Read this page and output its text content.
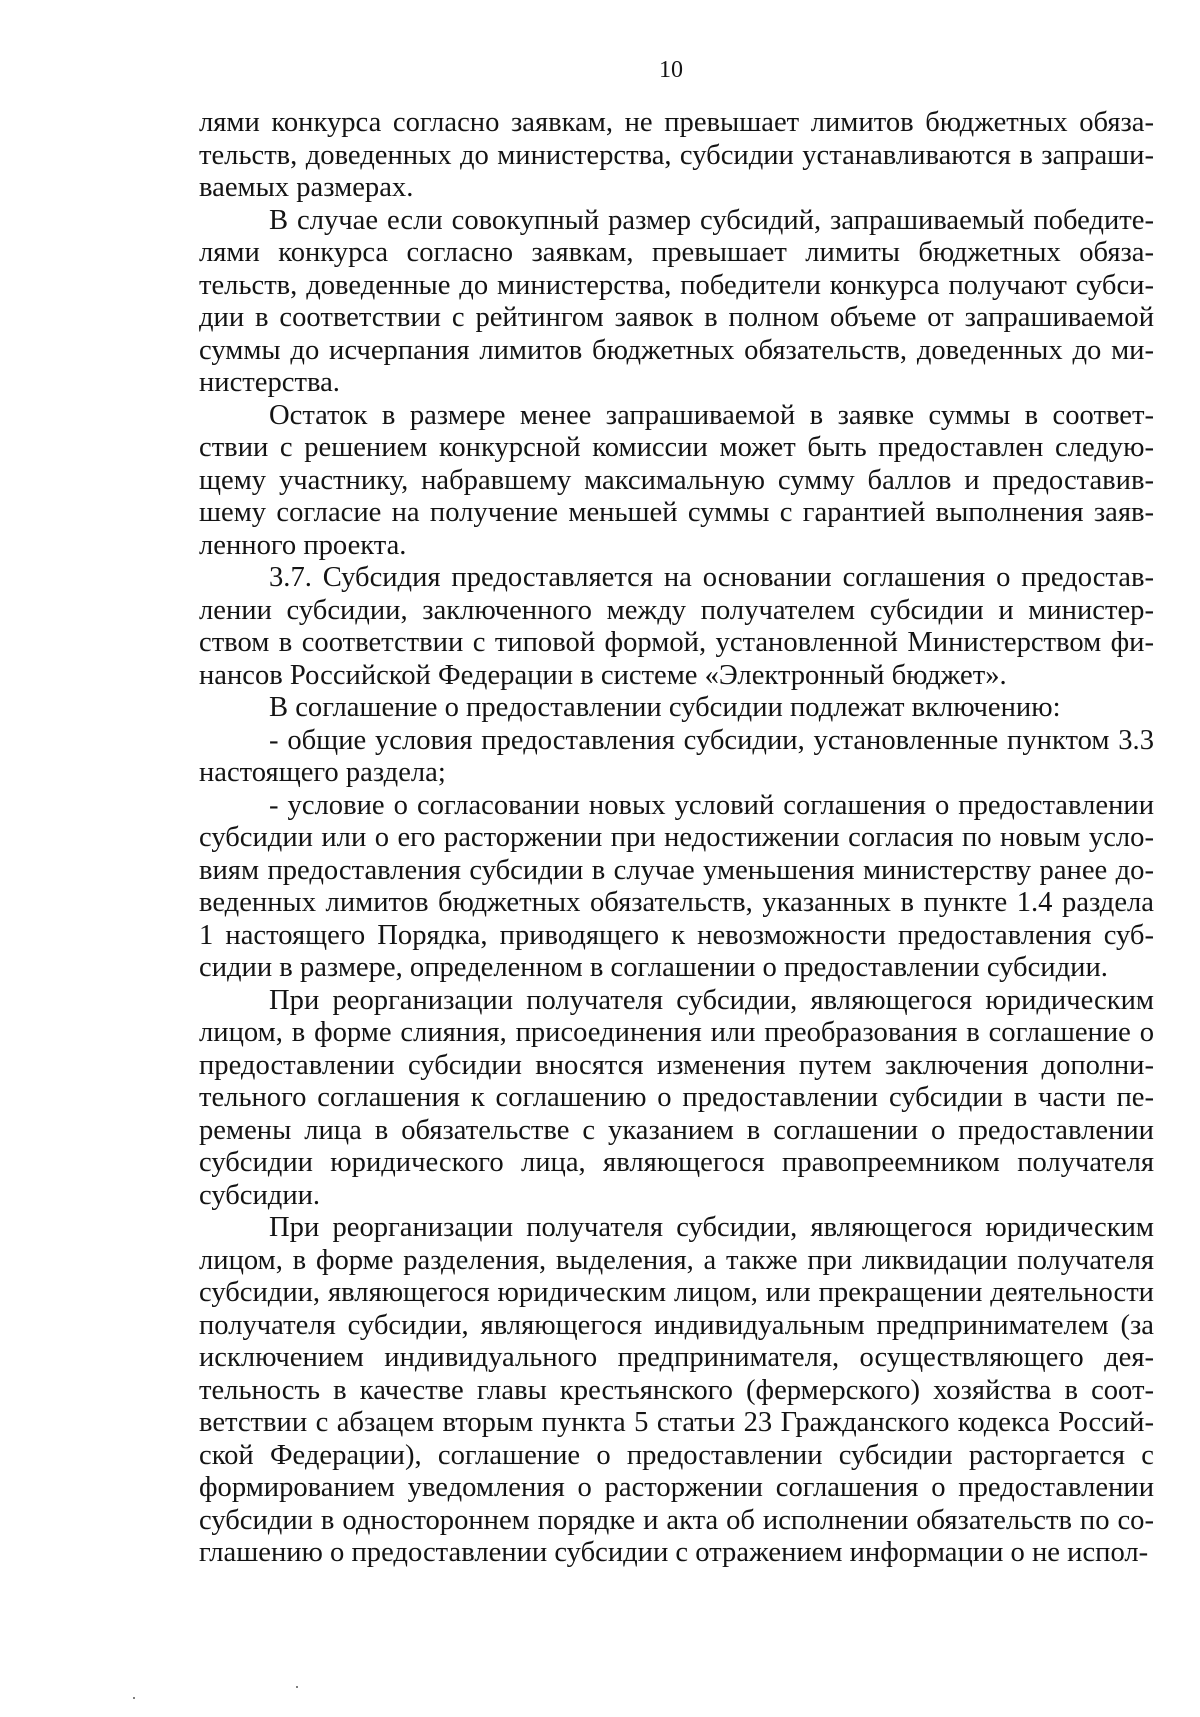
10

лями конкурса согласно заявкам, не превышает лимитов бюджетных обяза-
тельств, доведенных до министерства, субсидии устанавливаются в запраши-
ваемых размерах.

В случае если совокупный размер субсидий, запрашиваемый победите-
лями конкурса согласно заявкам, превышает лимиты бюджетных обяза-
тельств, доведенные до министерства, победители конкурса получают субси-
дии в соответствии с рейтингом заявок в полном объеме от запрашиваемой
суммы до исчерпания лимитов бюджетных обязательств, доведенных до ми-
нистерства.

Остаток в размере менее запрашиваемой в заявке суммы в соответ-
ствии с решением конкурсной комиссии может быть предоставлен следую-
щему участнику, набравшему максимальную сумму баллов и предоставив-
шему согласие на получение меньшей суммы с гарантией выполнения заяв-
ленного проекта.

3.7. Субсидия предоставляется на основании соглашения о предостав-
лении субсидии, заключенного между получателем субсидии и министер-
ством в соответствии с типовой формой, установленной Министерством фи-
нансов Российской Федерации в системе «Электронный бюджет».

В соглашение о предоставлении субсидии подлежат включению:

- общие условия предоставления субсидии, установленные пунктом 3.3
настоящего раздела;

- условие о согласовании новых условий соглашения о предоставлении
субсидии или о его расторжении при недостижении согласия по новым усло-
виям предоставления субсидии в случае уменьшения министерству ранее до-
веденных лимитов бюджетных обязательств, указанных в пункте 1.4 раздела
1 настоящего Порядка, приводящего к невозможности предоставления суб-
сидии в размере, определенном в соглашении о предоставлении субсидии.

При реорганизации получателя субсидии, являющегося юридическим
лицом, в форме слияния, присоединения или преобразования в соглашение о
предоставлении субсидии вносятся изменения путем заключения дополни-
тельного соглашения к соглашению о предоставлении субсидии в части пе-
ремены лица в обязательстве с указанием в соглашении о предоставлении
субсидии юридического лица, являющегося правопреемником получателя
субсидии.

При реорганизации получателя субсидии, являющегося юридическим
лицом, в форме разделения, выделения, а также при ликвидации получателя
субсидии, являющегося юридическим лицом, или прекращении деятельности
получателя субсидии, являющегося индивидуальным предпринимателем (за
исключением индивидуального предпринимателя, осуществляющего дея-
тельность в качестве главы крестьянского (фермерского) хозяйства в соот-
ветствии с абзацем вторым пункта 5 статьи 23 Гражданского кодекса Россий-
ской Федерации), соглашение о предоставлении субсидии расторгается с
формированием уведомления о расторжении соглашения о предоставлении
субсидии в одностороннем порядке и акта об исполнении обязательств по со-
глашению о предоставлении субсидии с отражением информации о не испол-
